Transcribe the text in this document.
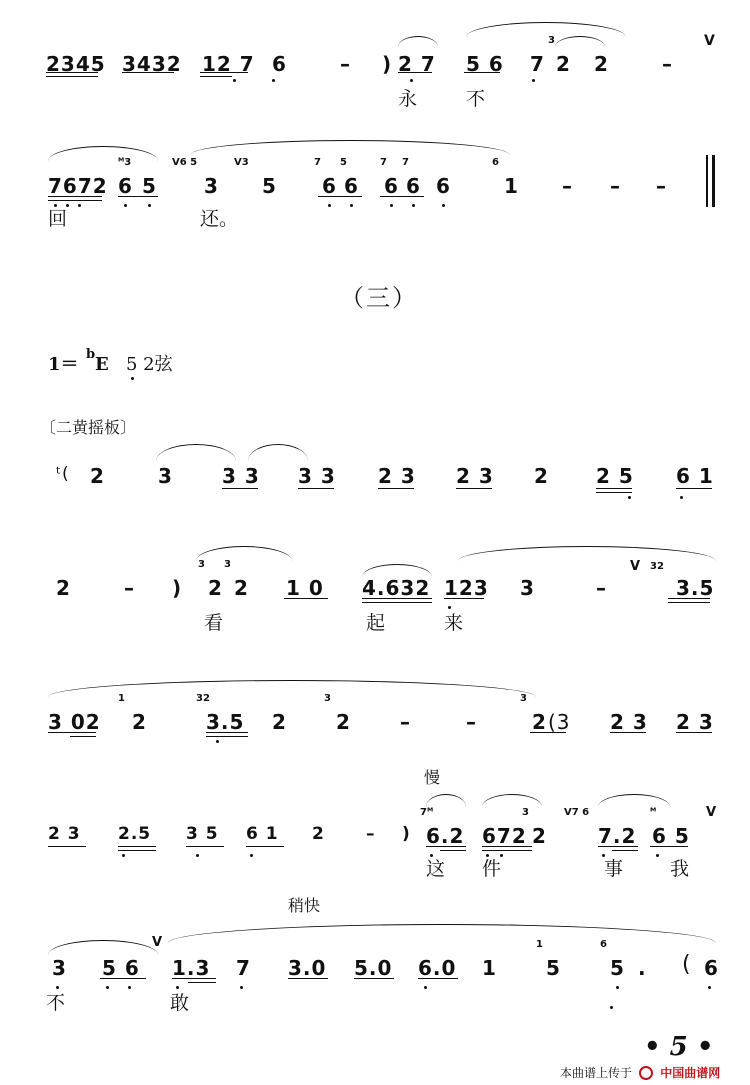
2345 3432 12 7 6	– ) 2 7 5 6 7 2 2	–
3	V
永	不
7672 6 5 3 5 6 6 6 6 6	1 – – –
ᴹ3	V6 5	V3	7 5	7 7	6
回	还。
（三）
1＝ b E 5 2弦
〔二黄摇板〕
ᵗ( 2	3 3 3 3 3 2 3 2 3 2 2 5 6 1
2	– ) 2 2 1 0 4.632 123 3	–	3.5
3 3	32
V
看	起	来
3 02 2	3.5 2 2 –	–	2 (3 2 3 2 3
1	32	3	3
慢
2 3 2.5 3 5 6 1 2 – ) 6.2 672 2	7.2 6 5
7ᴹ	3	V7 6	ᴹ	V
这 件	事 我
稍快
3 5 6 1.3 7 3.0 5.0 6.0 1 5 5 . ( 6
1	6
V
不	敢
• 5 •
本曲谱上传于 中国曲谱网
